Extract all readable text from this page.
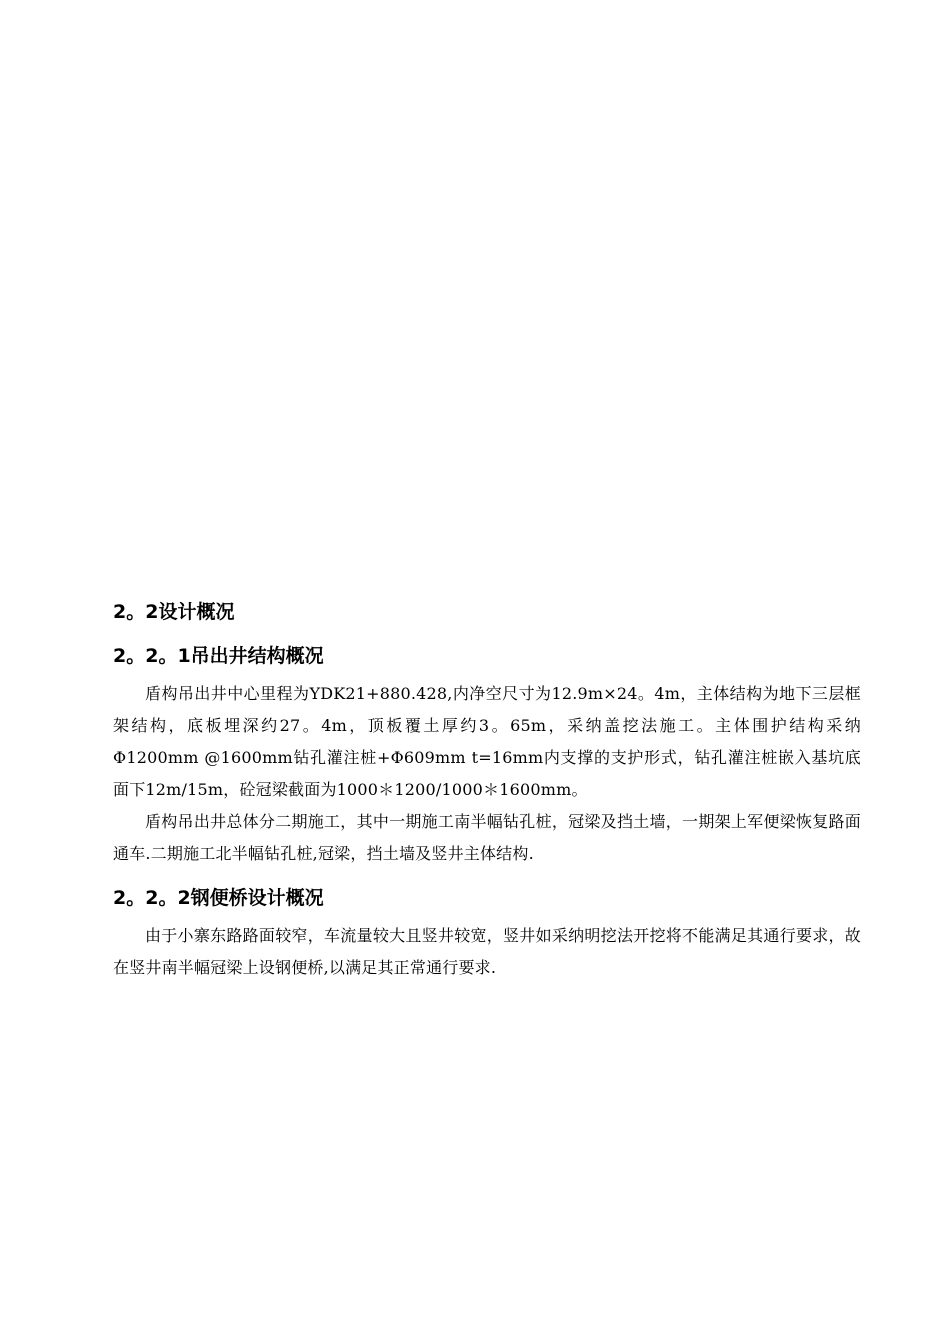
2。2设计概况
2。2。1吊出井结构概况

盾构吊出井中心里程为YDK21+880.428,内净空尺寸为12.9m×24。4m，主体结构为地下三层框架结构，底板埋深约27。4m，顶板覆土厚约3。65m，采纳盖挖法施工。主体围护结构采纳 Φ1200mm @1600mm钻孔灌注桩+Φ609mm t=16mm内支撑的支护形式，钻孔灌注桩嵌入基坑底面下12m/15m，砼冠梁截面为1000＊1200/1000＊1600mm。

盾构吊出井总体分二期施工，其中一期施工南半幅钻孔桩，冠梁及挡土墙，一期架上军便梁恢复路面通车.二期施工北半幅钻孔桩,冠梁，挡土墙及竖井主体结构.

2。2。2钢便桥设计概况

由于小寨东路路面较窄，车流量较大且竖井较宽，竖井如采纳明挖法开挖将不能满足其通行要求，故在竖井南半幅冠梁上设钢便桥,以满足其正常通行要求.
